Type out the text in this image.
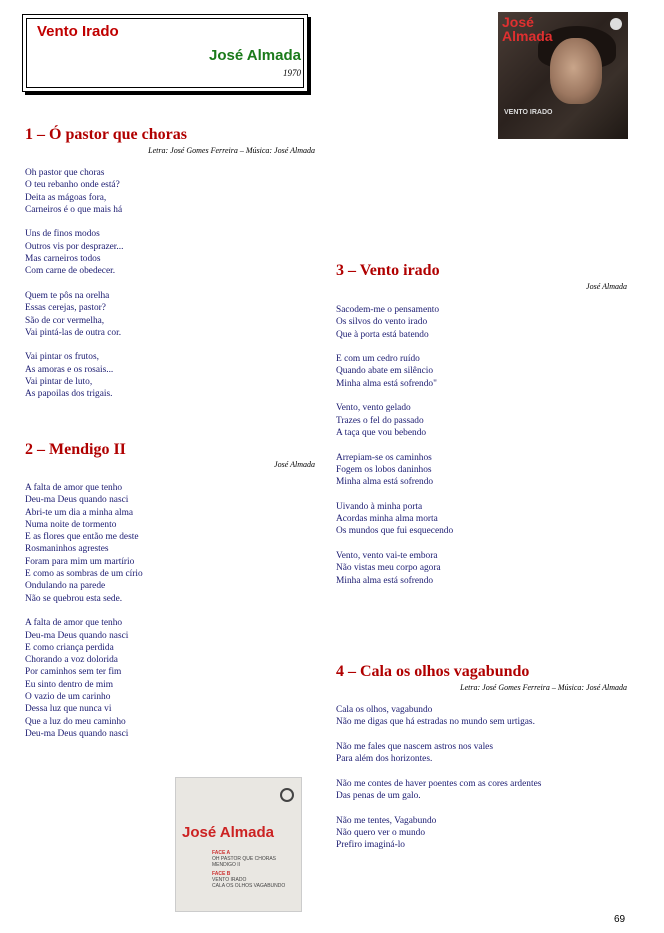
Vento Irado
José Almada
1970
José Almada
VENTO IRADO
1 – Ó pastor que choras
Letra: José Gomes Ferreira – Música: José Almada
Oh pastor que choras
O teu rebanho onde está?
Deita as mágoas fora,
Carneiros é o que mais há
Uns de finos modos
Outros vis por desprazer...
Mas carneiros todos
Com carne de obedecer.
Quem te pôs na orelha
Essas cerejas, pastor?
São de cor vermelha,
Vai pintá-las de outra cor.
Vai pintar os frutos,
As amoras e os rosais...
Vai pintar de luto,
As papoilas dos trigais.
2 – Mendigo II
José Almada
A falta de amor que tenho
Deu-ma Deus quando nasci
Abri-te um dia a minha alma
Numa noite de tormento
E as flores que então me deste
Rosmaninhos agrestes
Foram para mim um martírio
E como as sombras de um círio
Ondulando na parede
Não se quebrou esta sede.
A falta de amor que tenho
Deu-ma Deus quando nasci
E como criança perdida
Chorando a voz dolorida
Por caminhos sem ter fim
Eu sinto dentro de mim
O vazio de um carinho
Dessa luz que nunca vi
Que a luz do meu caminho
Deu-ma Deus quando nasci
José Almada
FACE A
OH PASTOR QUE CHORAS
MENDIGO II
FACE B
VENTO IRADO
CALA OS OLHOS VAGABUNDO
3 – Vento irado
José Almada
Sacodem-me o pensamento
Os silvos do vento irado
Que à porta está batendo
E com um cedro ruído
Quando abate em silêncio
Minha alma está sofrendo"
Vento, vento gelado
Trazes o fel do passado
A taça que vou bebendo
Arrepiam-se os caminhos
Fogem os lobos daninhos
Minha alma está sofrendo
Uivando à minha porta
Acordas minha alma morta
Os mundos que fui esquecendo
Vento, vento vai-te embora
Não vistas meu corpo agora
Minha alma está sofrendo
4 – Cala os olhos vagabundo
Letra: José Gomes Ferreira – Música: José Almada
Cala os olhos, vagabundo
Não me digas que há estradas no mundo sem urtigas.
Não me fales que nascem astros nos vales
Para além dos horizontes.
Não me contes de haver poentes com as cores ardentes
Das penas de um galo.
Não me tentes, Vagabundo
Não quero ver o mundo
Prefiro imaginá-lo
69
